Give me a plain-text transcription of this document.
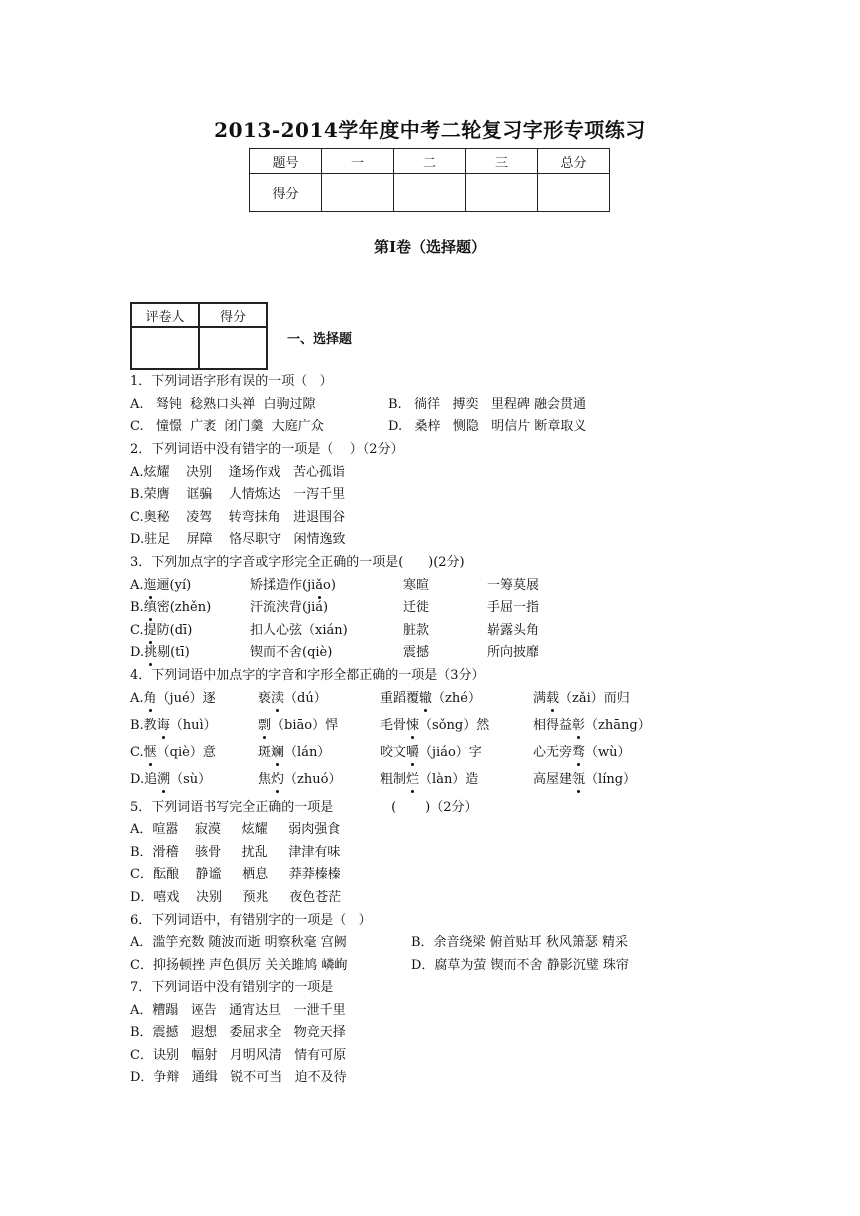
2013-2014学年度中考二轮复习字形专项练习
题号	一	二	三	总分
得分				
第I卷（选择题）
评卷人	得分

一、选择题
1．下列词语字形有误的一项（   ）
A.   驽钝  稔熟口头禅  白驹过隙	B.   徜徉   搏奕   里程碑 融会贯通
C.   憧憬  广袤  闭门羹  大庭广众	D.   桑梓   恻隐   明信片 断章取义
2．下列词语中没有错字的一项是（    ）（2分）
A.炫耀    决别    逢场作戏   苦心孤诣
B.荣膺    诓骗    人情炼达   一泻千里
C.奥秘    凌驾    转弯抹角   进退围谷
D.驻足    屏障    恪尽职守   闲情逸致
3．下列加点字的字音或字形完全正确的一项是(      )(2分)
A.迤逦(yí)	矫揉造作(jiǎo)	寒暄	一筹莫展
B.缜密(zhěn)	汗流浃背(jiá)	迁徙	手屈一指
C.提防(dī)	扣人心弦（xián)	脏款	崭露头角
D.挑剔(tī)	锲而不舍(qiè)	震撼	所向披靡
4．下列词语中加点字的字音和字形全都正确的一项是（3分）
A.角（jué）逐	亵渎（dú）	重蹈覆辙（zhé）	满载（zǎi）而归
B.教诲（huì）	剽（biāo）悍	毛骨悚（sǒng）然	相得益彰（zhāng）
C.惬（qiè）意	斑斓（lán）	咬文嚼（jiáo）字	心无旁骛（wù）
D.追溯（sù）	焦灼（zhuó）	粗制烂（làn）造	高屋建瓴（líng）
5．下列词语书写完全正确的一项是              (       )（2分）
A．喧嚣    寂漠     炫耀     弱肉强食
B．滑稽    骇骨     扰乱     津津有味
C．酝酿    静谧     栖息     莽莽榛榛
D．嘻戏    决别     预兆     夜色苍茫
6．下列词语中，有错别字的一项是（   ）
A．滥竽充数 随波而逝 明察秋毫 宫阙	B．余音绕梁 俯首贴耳 秋风箫瑟 精采
C．抑扬顿挫 声色俱厉 关关雎鸠 嶙峋	D．腐草为萤 锲而不舍 静影沉璧 珠帘
7．下列词语中没有错别字的一项是
A．糟蹋   诬告   通宵达旦   一泄千里
B．震撼   遐想   委屈求全   物竞天择
C．诀别   幅射   月明风清   情有可原
D．争辩   通缉   锐不可当   迫不及待
